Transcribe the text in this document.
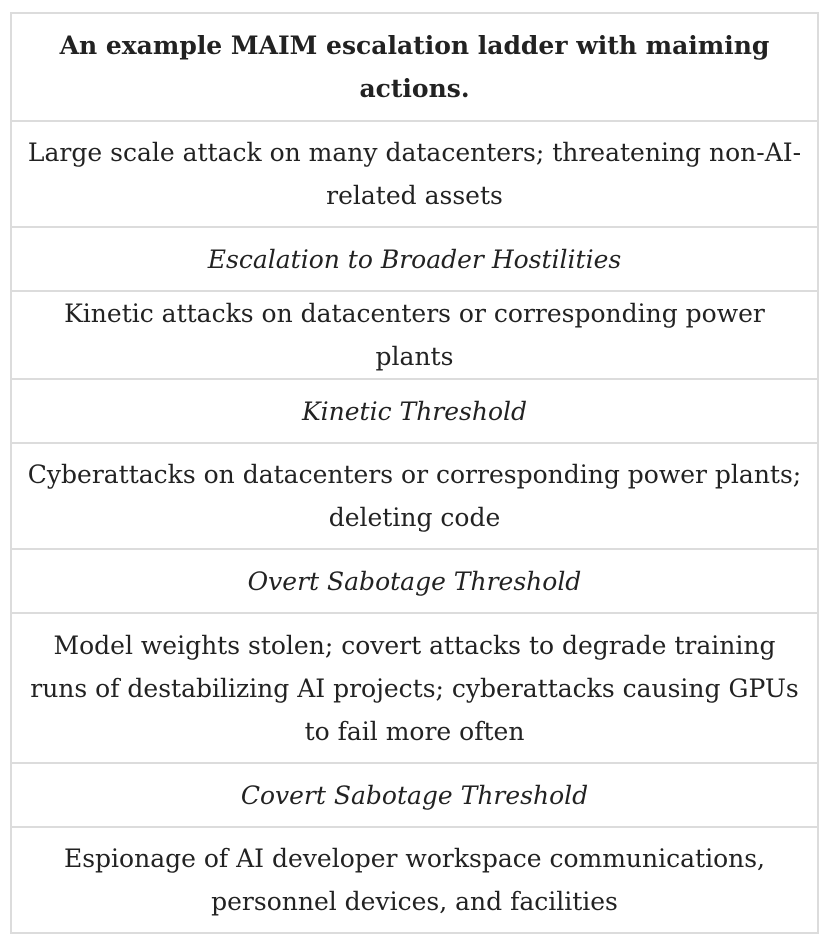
An example MAIM escalation ladder with maiming actions.
Large scale attack on many datacenters; threatening non-AI-related assets
Escalation to Broader Hostilities
Kinetic attacks on datacenters or corresponding power plants
Kinetic Threshold
Cyberattacks on datacenters or corresponding power plants; deleting code
Overt Sabotage Threshold
Model weights stolen; covert attacks to degrade training runs of destabilizing AI projects; cyberattacks causing GPUs to fail more often
Covert Sabotage Threshold
Espionage of AI developer workspace communications, personnel devices, and facilities
